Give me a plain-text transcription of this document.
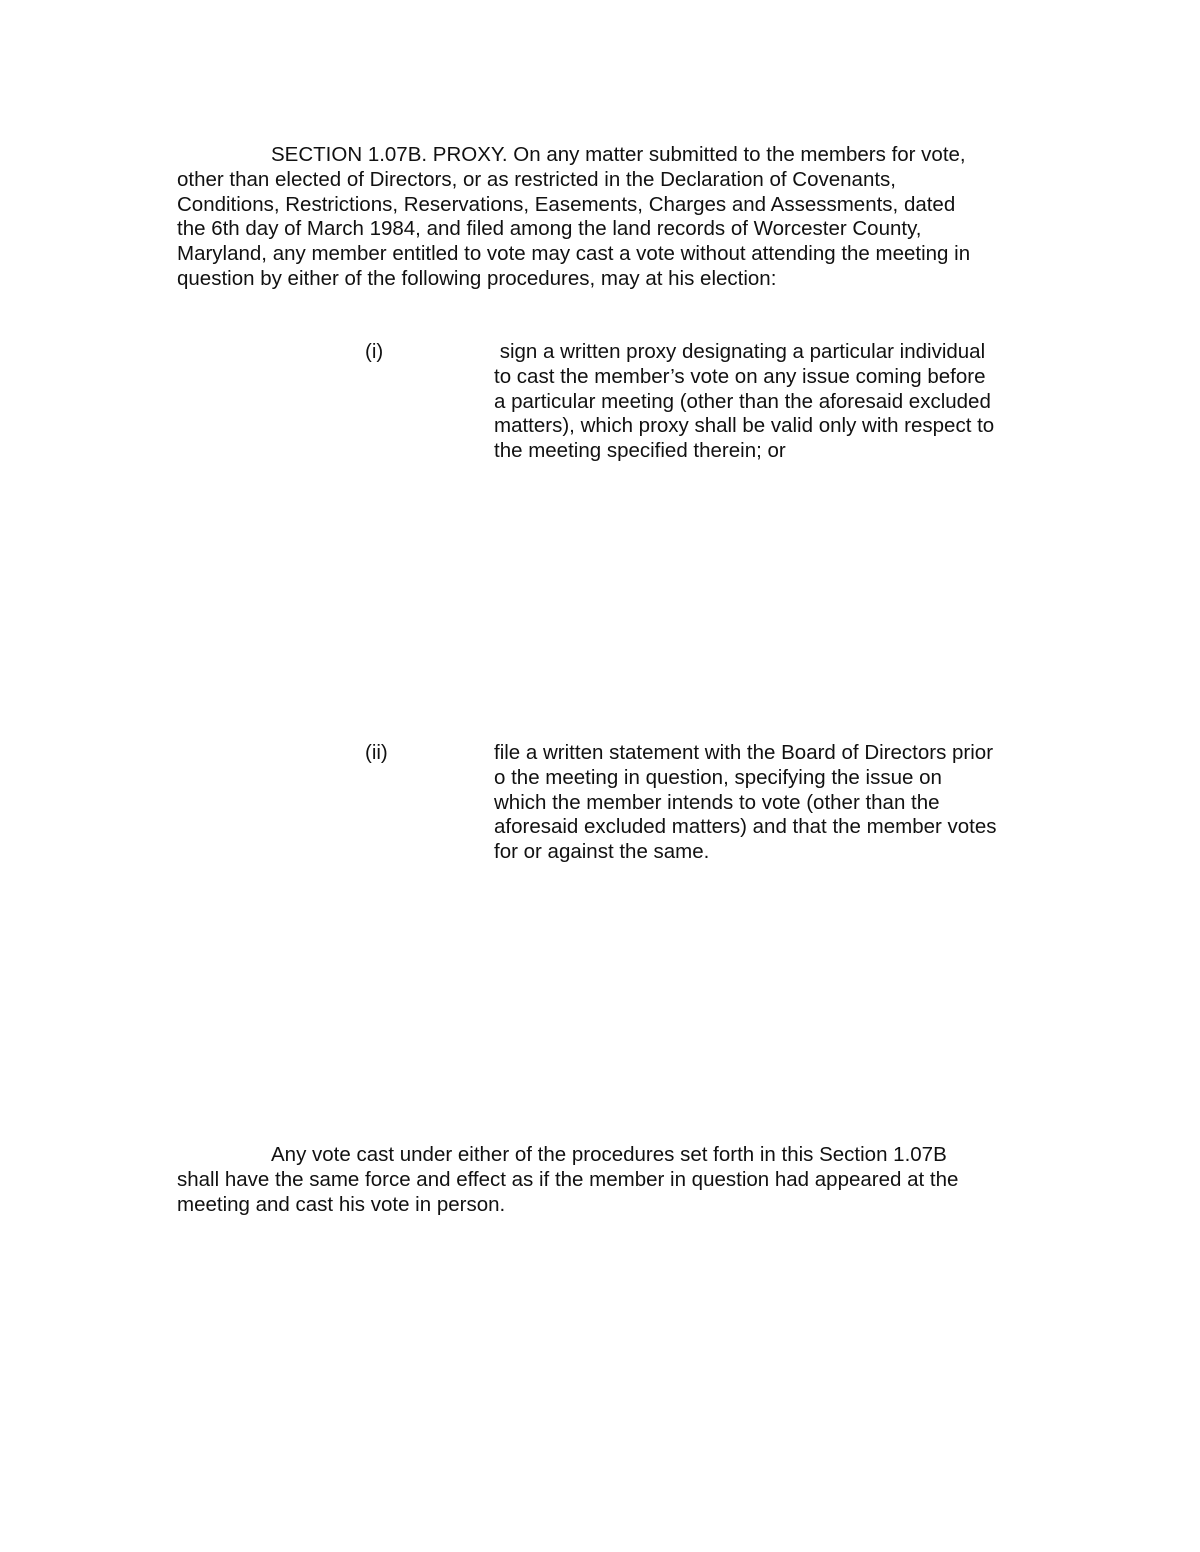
SECTION 1.07B. PROXY. On any matter submitted to the members for vote,
other than elected of Directors, or as restricted in the Declaration of Covenants,
Conditions, Restrictions, Reservations, Easements, Charges and Assessments, dated
the 6th day of March 1984, and filed among the land records of Worcester County,
Maryland, any member entitled to vote may cast a vote without attending the meeting in
question by either of the following procedures, may at his election:

(i)	sign a written proxy designating a particular individual
to cast the member’s vote on any issue coming before
a particular meeting (other than the aforesaid excluded
matters), which proxy shall be valid only with respect to
the meeting specified therein; or

(ii)	file a written statement with the Board of Directors prior
o the meeting in question, specifying the issue on
which the member intends to vote (other than the
aforesaid excluded matters) and that the member votes
for or against the same.

Any vote cast under either of the procedures set forth in this Section 1.07B
shall have the same force and effect as if the member in question had appeared at the
meeting and cast his vote in person.
